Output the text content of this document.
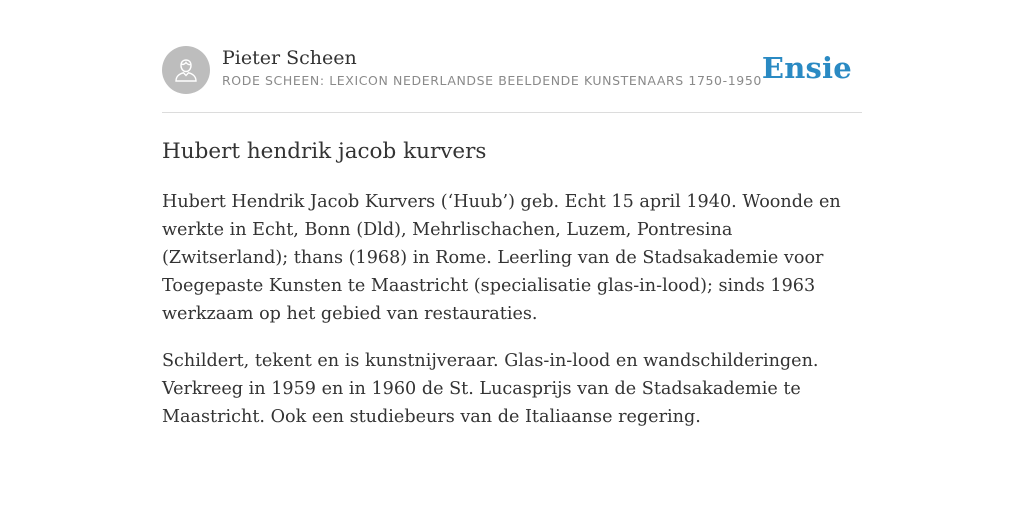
Pieter Scheen
RODE SCHEEN: LEXICON NEDERLANDSE BEELDENDE KUNSTENAARS 1750-1950 Ensie
Hubert hendrik jacob kurvers

Hubert Hendrik Jacob Kurvers (‘Huub’) geb. Echt 15 april 1940. Woonde en werkte in Echt, Bonn (Dld), Mehrlischachen, Luzem, Pontresina (Zwitserland); thans (1968) in Rome. Leerling van de Stadsakademie voor Toegepaste Kunsten te Maastricht (specialisatie glas-in-lood); sinds 1963 werkzaam op het gebied van restauraties.

Schildert, tekent en is kunstnijveraar. Glas-in-lood en wandschilderingen. Verkreeg in 1959 en in 1960 de St. Lucasprijs van de Stadsakademie te Maastricht. Ook een studiebeurs van de Italiaanse regering.
